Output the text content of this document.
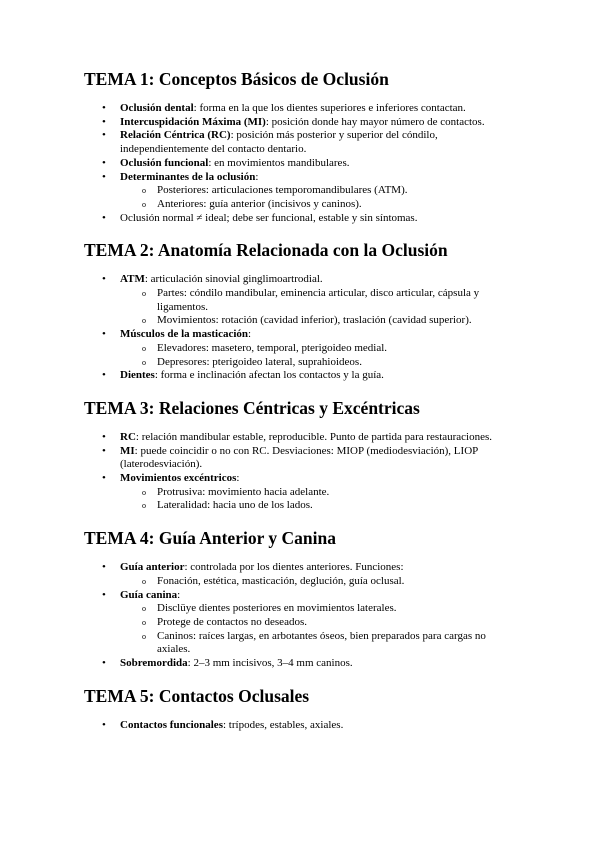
TEMA 1: Conceptos Básicos de Oclusión
• Oclusión dental: forma en la que los dientes superiores e inferiores contactan.
• Intercuspidación Máxima (MI): posición donde hay mayor número de contactos.
• Relación Céntrica (RC): posición más posterior y superior del cóndilo, independientemente del contacto dentario.
• Oclusión funcional: en movimientos mandibulares.
• Determinantes de la oclusión:
o Posteriores: articulaciones temporomandibulares (ATM).
o Anteriores: guía anterior (incisivos y caninos).
• Oclusión normal ≠ ideal; debe ser funcional, estable y sin síntomas.
TEMA 2: Anatomía Relacionada con la Oclusión
• ATM: articulación sinovial ginglimoartrodial.
o Partes: cóndilo mandibular, eminencia articular, disco articular, cápsula y ligamentos.
o Movimientos: rotación (cavidad inferior), traslación (cavidad superior).
• Músculos de la masticación:
o Elevadores: masetero, temporal, pterigoideo medial.
o Depresores: pterigoideo lateral, suprahioideos.
• Dientes: forma e inclinación afectan los contactos y la guía.
TEMA 3: Relaciones Céntricas y Excéntricas
• RC: relación mandibular estable, reproducible. Punto de partida para restauraciones.
• MI: puede coincidir o no con RC. Desviaciones: MIOP (mediodesviación), LIOP (laterodesviación).
• Movimientos excéntricos:
o Protrusiva: movimiento hacia adelante.
o Lateralidad: hacia uno de los lados.
TEMA 4: Guía Anterior y Canina
• Guía anterior: controlada por los dientes anteriores. Funciones:
o Fonación, estética, masticación, deglución, guía oclusal.
• Guía canina:
o Disclüye dientes posteriores en movimientos laterales.
o Protege de contactos no deseados.
o Caninos: raíces largas, en arbotantes óseos, bien preparados para cargas no axiales.
• Sobremordida: 2–3 mm incisivos, 3–4 mm caninos.
TEMA 5: Contactos Oclusales
• Contactos funcionales: trípodes, estables, axiales.
